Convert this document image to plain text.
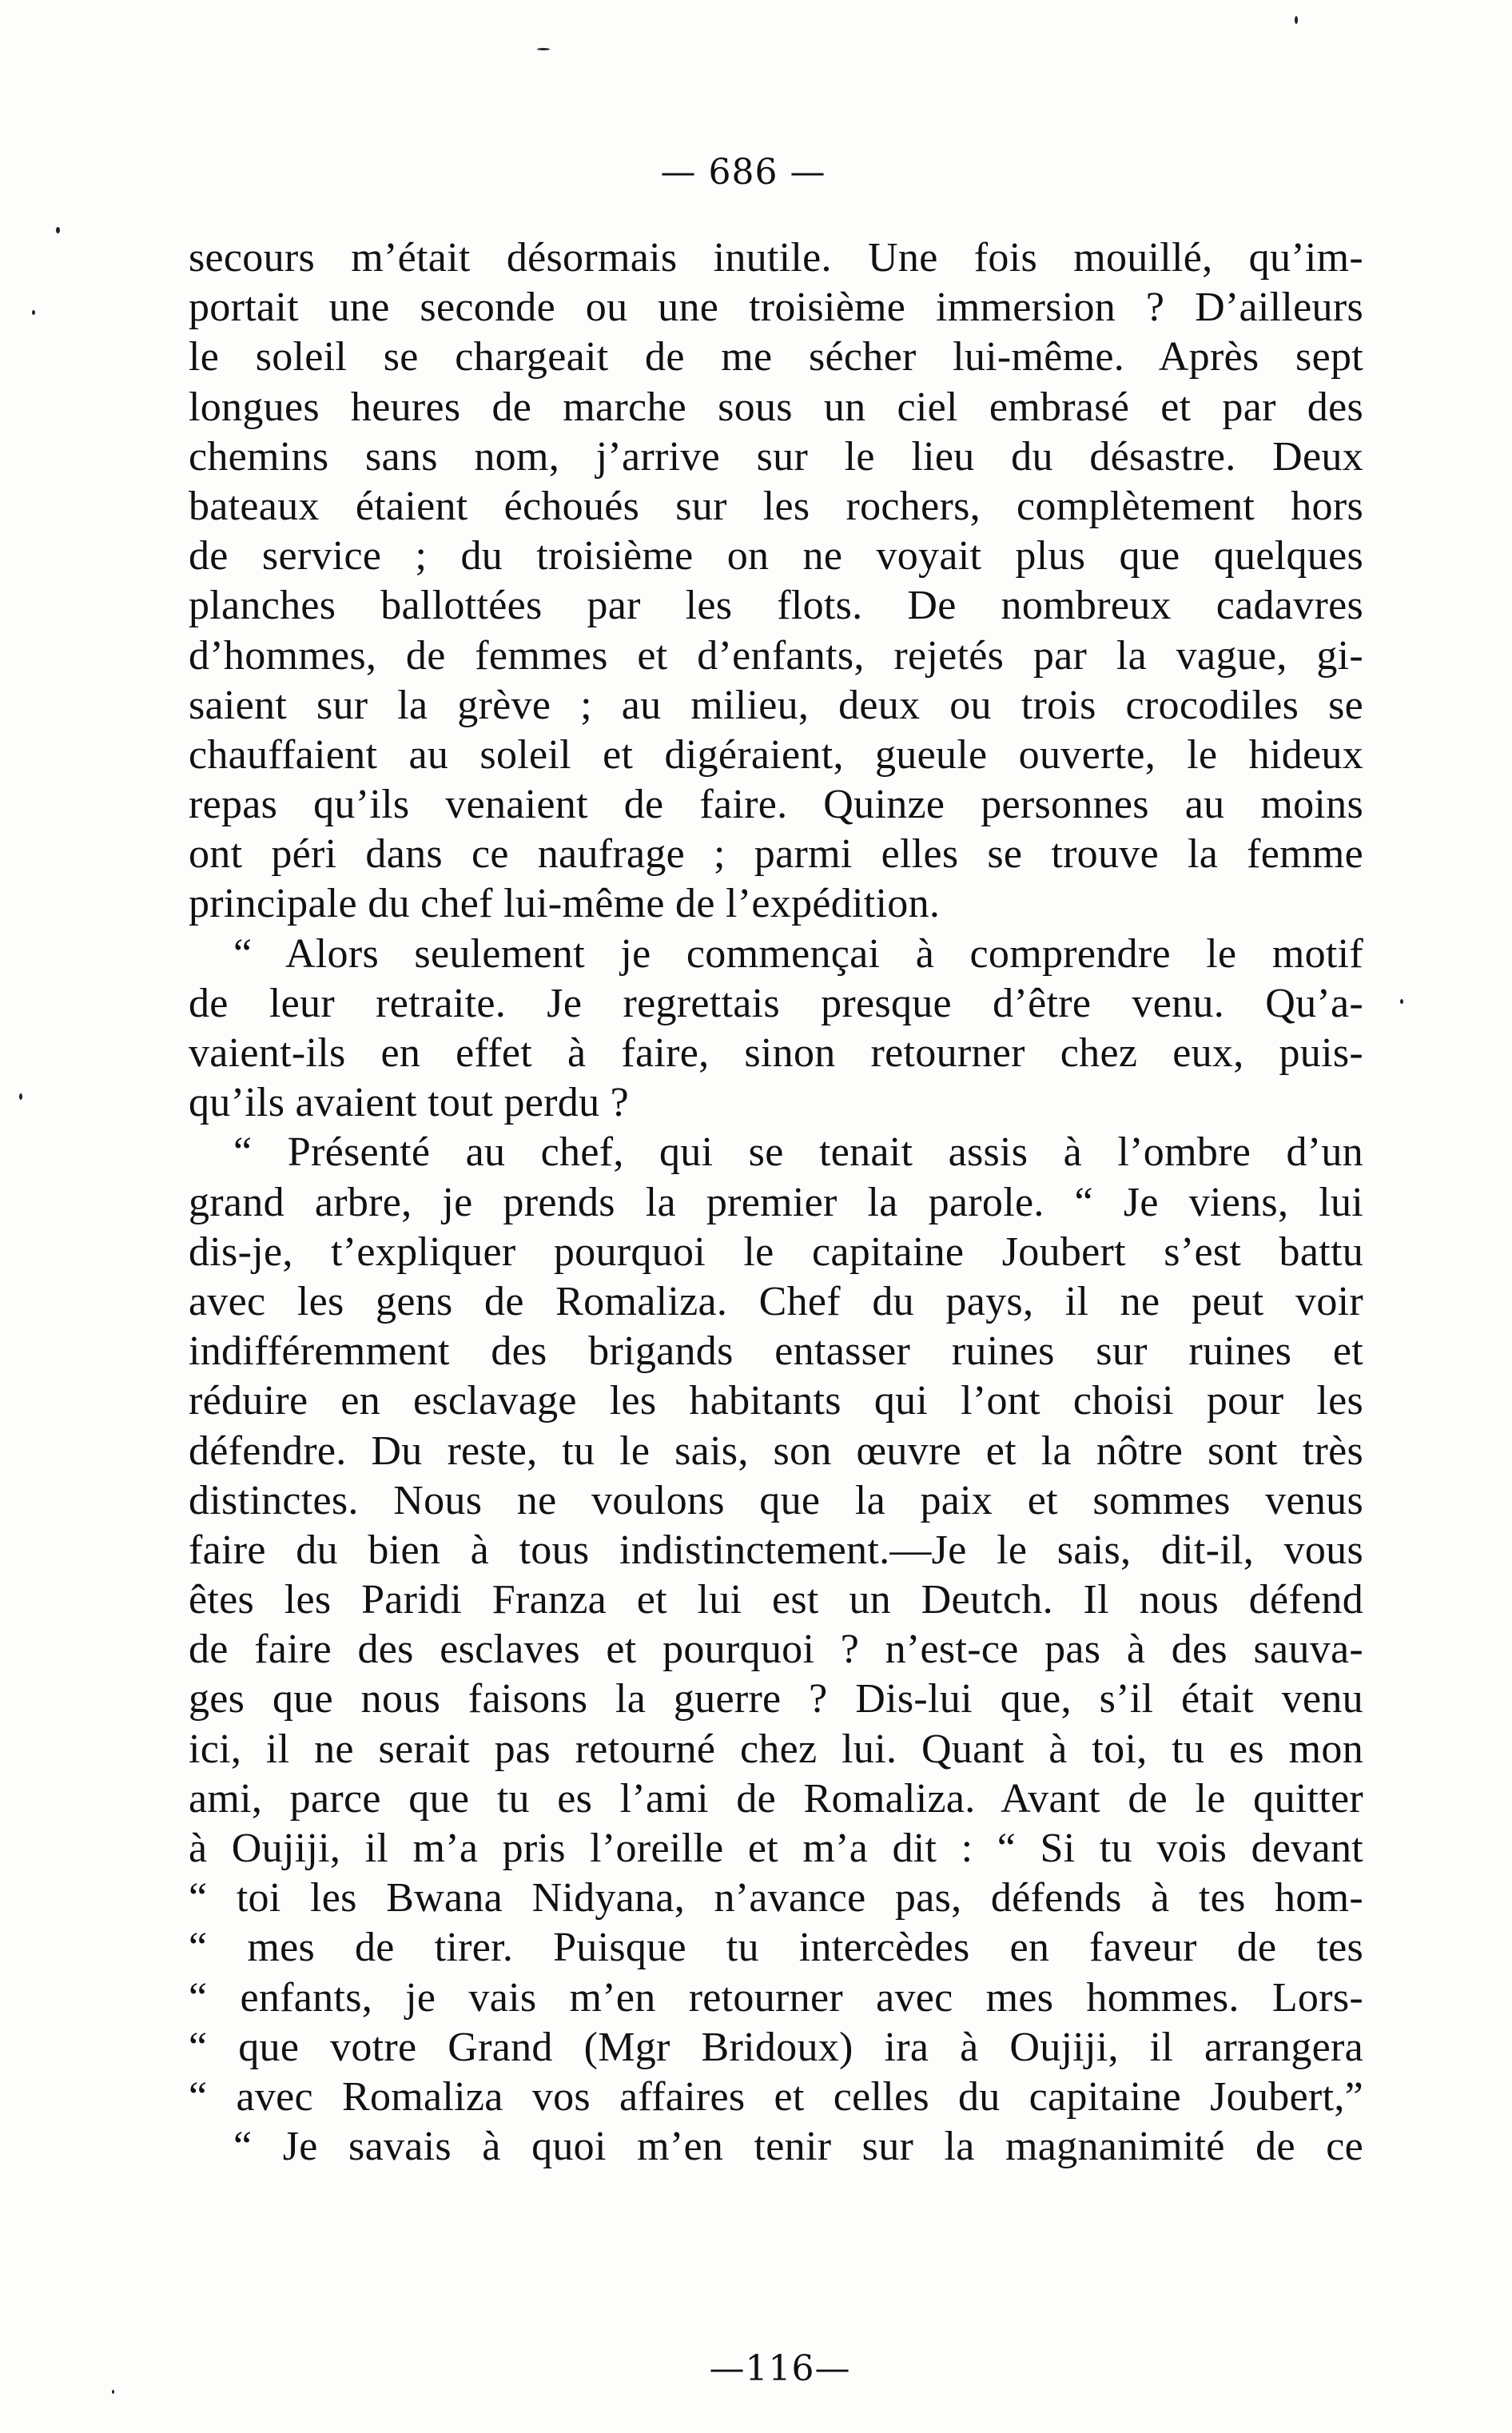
— 686 —
secours m’était désormais inutile. Une fois mouillé, qu’im-
portait une seconde ou une troisième immersion ? D’ailleurs
le soleil se chargeait de me sécher lui-même. Après sept
longues heures de marche sous un ciel embrasé et par des
chemins sans nom, j’arrive sur le lieu du désastre. Deux
bateaux étaient échoués sur les rochers, complètement hors
de service ; du troisième on ne voyait plus que quelques
planches ballottées par les flots. De nombreux cadavres
d’hommes, de femmes et d’enfants, rejetés par la vague, gi-
saient sur la grève ; au milieu, deux ou trois crocodiles se
chauffaient au soleil et digéraient, gueule ouverte, le hideux
repas qu’ils venaient de faire. Quinze personnes au moins
ont péri dans ce naufrage ; parmi elles se trouve la femme
principale du chef lui-même de l’expédition.
“ Alors seulement je commençai à comprendre le motif
de leur retraite. Je regrettais presque d’être venu. Qu’a-
vaient-ils en effet à faire, sinon retourner chez eux, puis-
qu’ils avaient tout perdu ?
“ Présenté au chef, qui se tenait assis à l’ombre d’un
grand arbre, je prends la premier la parole. “ Je viens, lui
dis-je, t’expliquer pourquoi le capitaine Joubert s’est battu
avec les gens de Romaliza. Chef du pays, il ne peut voir
indifféremment des brigands entasser ruines sur ruines et
réduire en esclavage les habitants qui l’ont choisi pour les
défendre. Du reste, tu le sais, son œuvre et la nôtre sont très
distinctes. Nous ne voulons que la paix et sommes venus
faire du bien à tous indistinctement.—Je le sais, dit-il, vous
êtes les Paridi Franza et lui est un Deutch. Il nous défend
de faire des esclaves et pourquoi ? n’est-ce pas à des sauva-
ges que nous faisons la guerre ? Dis-lui que, s’il était venu
ici, il ne serait pas retourné chez lui. Quant à toi, tu es mon
ami, parce que tu es l’ami de Romaliza. Avant de le quitter
à Oujiji, il m’a pris l’oreille et m’a dit : “ Si tu vois devant
“ toi les Bwana Nidyana, n’avance pas, défends à tes hom-
“ mes de tirer. Puisque tu intercèdes en faveur de tes
“ enfants, je vais m’en retourner avec mes hommes. Lors-
“ que votre Grand (Mgr Bridoux) ira à Oujiji, il arrangera
“ avec Romaliza vos affaires et celles du capitaine Joubert,”
“ Je savais à quoi m’en tenir sur la magnanimité de ce
—116—
